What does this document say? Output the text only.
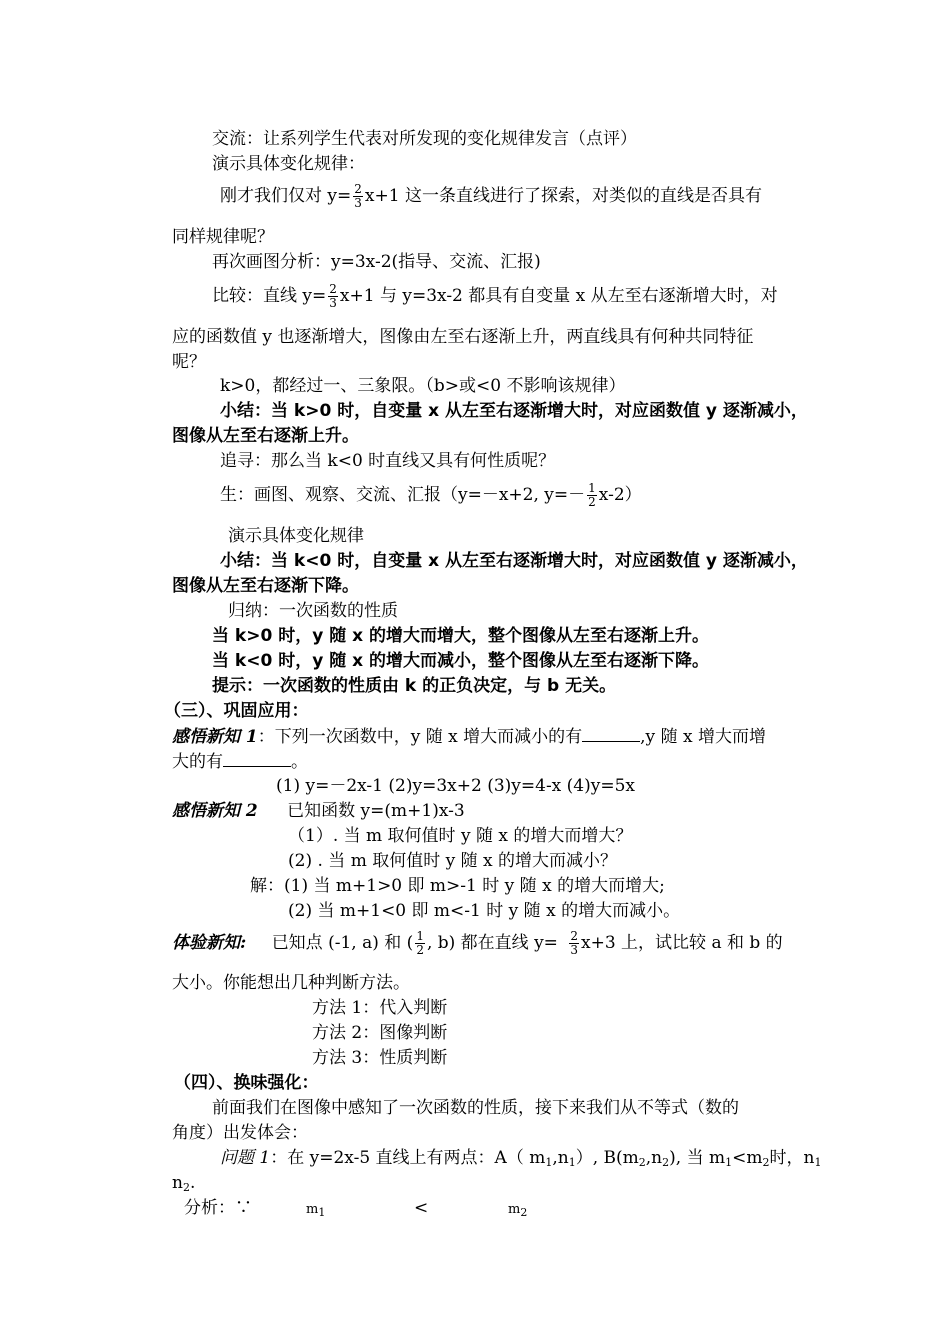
交流：让系列学生代表对所发现的变化规律发言（点评）
演示具体变化规律：
刚才我们仅对 $y= \frac{2}{3} x+1$ 这一条直线进行了探索，对类似的直线是否具有
同样规律呢？
再次画图分析：y=3x-2(指导、交流、汇报)
比较：直线 $y= \frac{2}{3} x+1$ 与 y=3x-2 都具有自变量 x 从左至右逐渐增大时，对
应的函数值 y 也逐渐增大，图像由左至右逐渐上升，两直线具有何种共同特征
呢？
k>0，都经过一、三象限。（b>或<0 不影响该规律）
小结：当 k>0 时，自变量 x 从左至右逐渐增大时，对应函数值 y 逐渐减小，
图像从左至右逐渐上升。
追寻：那么当 k<0 时直线又具有何性质呢？
生：画图、观察、交流、汇报（y=－x+2, $y=- \frac{1}{2} x-2$）
演示具体变化规律
小结：当 k<0 时，自变量 x 从左至右逐渐增大时，对应函数值 y 逐渐减小，
图像从左至右逐渐下降。
归纳：一次函数的性质
当 k>0 时，y 随 x 的增大而增大，整个图像从左至右逐渐上升。
当 k<0 时，y 随 x 的增大而减小，整个图像从左至右逐渐下降。
提示：一次函数的性质由 k 的正负决定，与 b 无关。
（三）、巩固应用：
感悟新知 1：下列一次函数中，y 随 x 增大而减小的有	,y 随 x 增大而增
大的有	。
(1) y=－2x-1 (2)y=3x+2 (3)y=4-x (4)y=5x
感悟新知 2 已知函数 y=(m+1)x-3
（1）. 当 m 取何值时 y 随 x 的增大而增大？
(2) . 当 m 取何值时 y 随 x 的增大而减小？
解：(1) 当 m+1>0 即 m>-1 时 y 随 x 的增大而增大;
(2) 当 m+1<0 即 m<-1 时 y 随 x 的增大而减小。
体验新知: 已知点 (-1, a) 和 ( $\frac{1}{2}$ , b) 都在直线 $y= \frac{2}{3} x+3$ 上，试比较 a 和 b 的
大小。你能想出几种判断方法。
方法 1：代入判断
方法 2：图像判断
方法 3：性质判断
（四）、换味强化：
前面我们在图像中感知了一次函数的性质，接下来我们从不等式（数的
角度）出发体会：
问题 1：在 y=2x-5 直线上有两点：A（ $m_1,n_1$）, $B(m_2,n_2)$, 当 $m_1<m_2$时，$n_1$
$n_2$.
分析：∵	$m_1$	<	$m_2$
